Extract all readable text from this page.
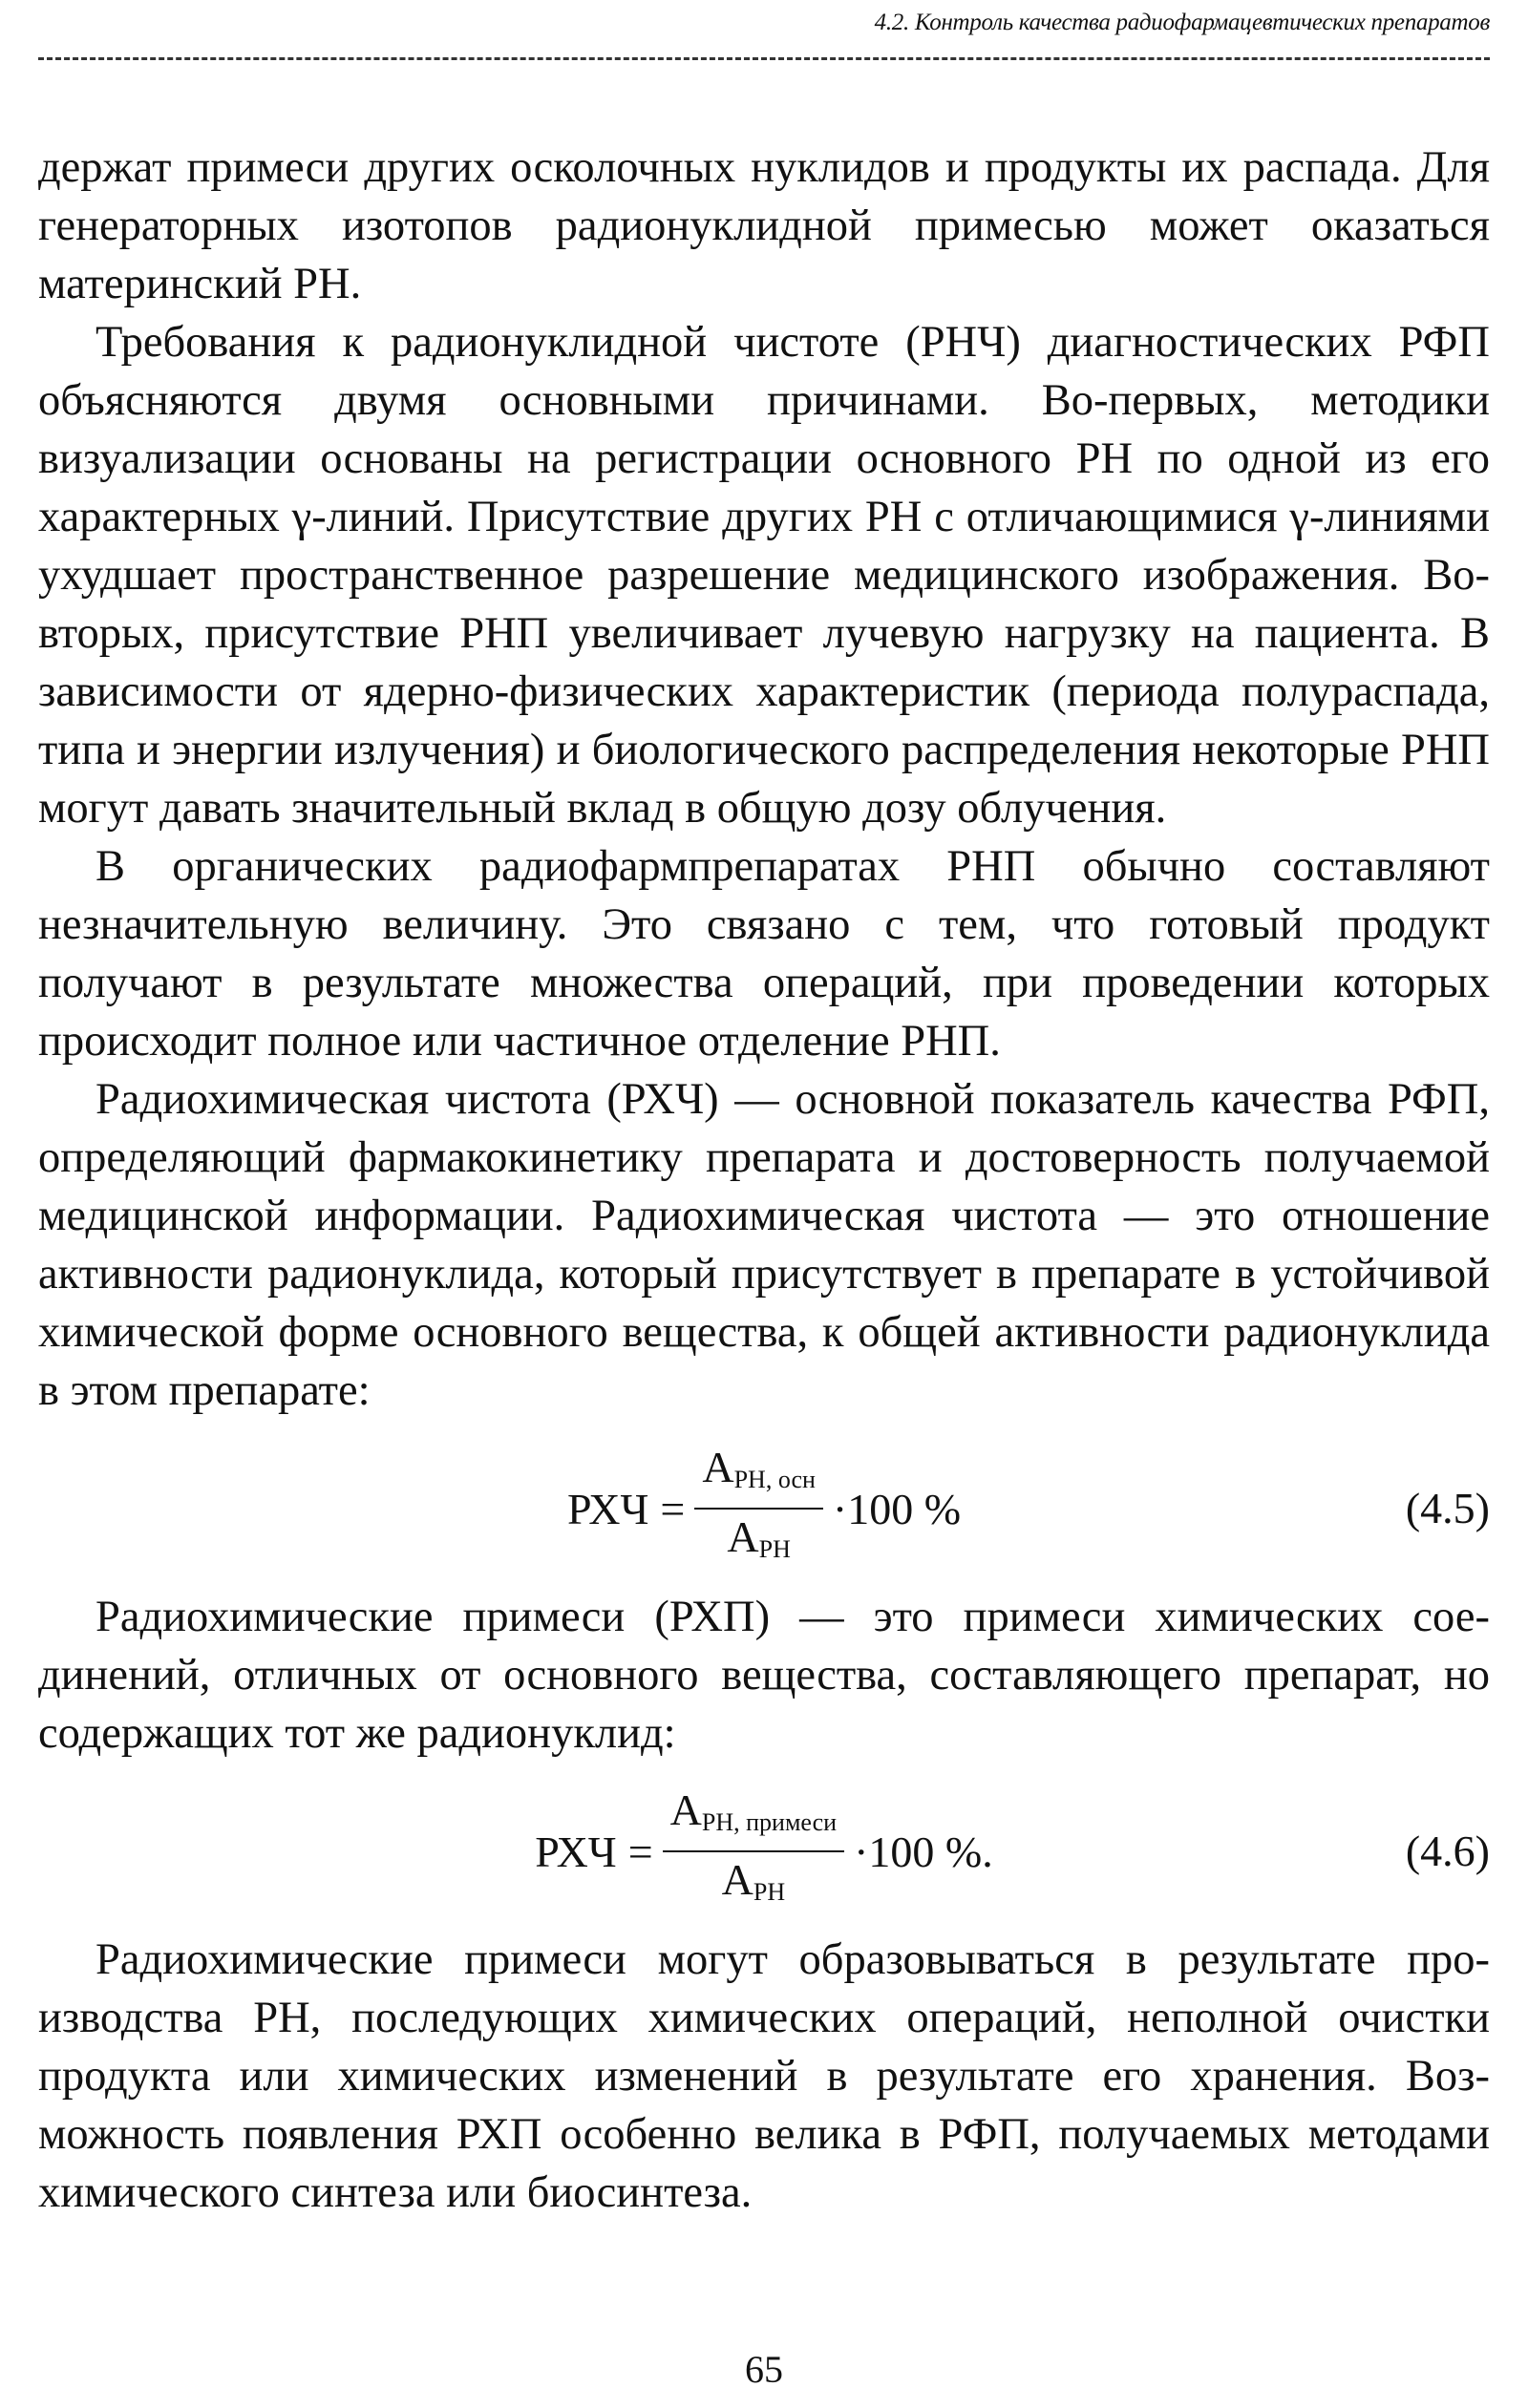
4.2. Контроль качества радиофармацевтических препаратов

держат примеси других осколочных нуклидов и продукты их распада. Для генераторных изотопов радионуклидной примесью может оказаться материнский РН.

Требования к радионуклидной чистоте (РНЧ) диагностических РФП объясняются двумя основными причинами. Во-первых, методики визуализации основаны на регистрации основного РН по одной из его характерных γ-линий. Присутствие других РН с отличающимися γ-линиями ухудшает пространственное разрешение медицинского изображения. Во-вторых, присутствие РНП увеличивает лучевую нагрузку на пациента. В зависимости от ядерно-физических характеристик (периода полураспада, типа и энергии излучения) и биологического распределения некоторые РНП могут давать значительный вклад в общую дозу облучения.

В органических радиофармпрепаратах РНП обычно составляют незначительную величину. Это связано с тем, что готовый продукт получают в результате множества операций, при проведении которых происходит полное или частичное отделение РНП.

Радиохимическая чистота (РХЧ) — основной показатель качества РФП, определяющий фармакокинетику препарата и достоверность получаемой медицинской информации. Радиохимическая чистота — это отношение активности радионуклида, который присутствует в препарате в устойчивой химической форме основного вещества, к общей активности радионуклида в этом препарате:

РХЧ = $\frac{A_{РН, осн}}{A_{РН}} \cdot 100$ %	(4.5)

Радиохимические примеси (РХП) — это примеси химических соединений, отличных от основного вещества, составляющего препарат, но содержащих тот же радионуклид:

РХЧ = $\frac{A_{РН, примеси}}{A_{РН}} \cdot 100$ %.	(4.6)

Радиохимические примеси могут образовываться в результате производства РН, последующих химических операций, неполной очистки продукта или химических изменений в результате его хранения. Возможность появления РХП особенно велика в РФП, получаемых методами химического синтеза или биосинтеза.

65
